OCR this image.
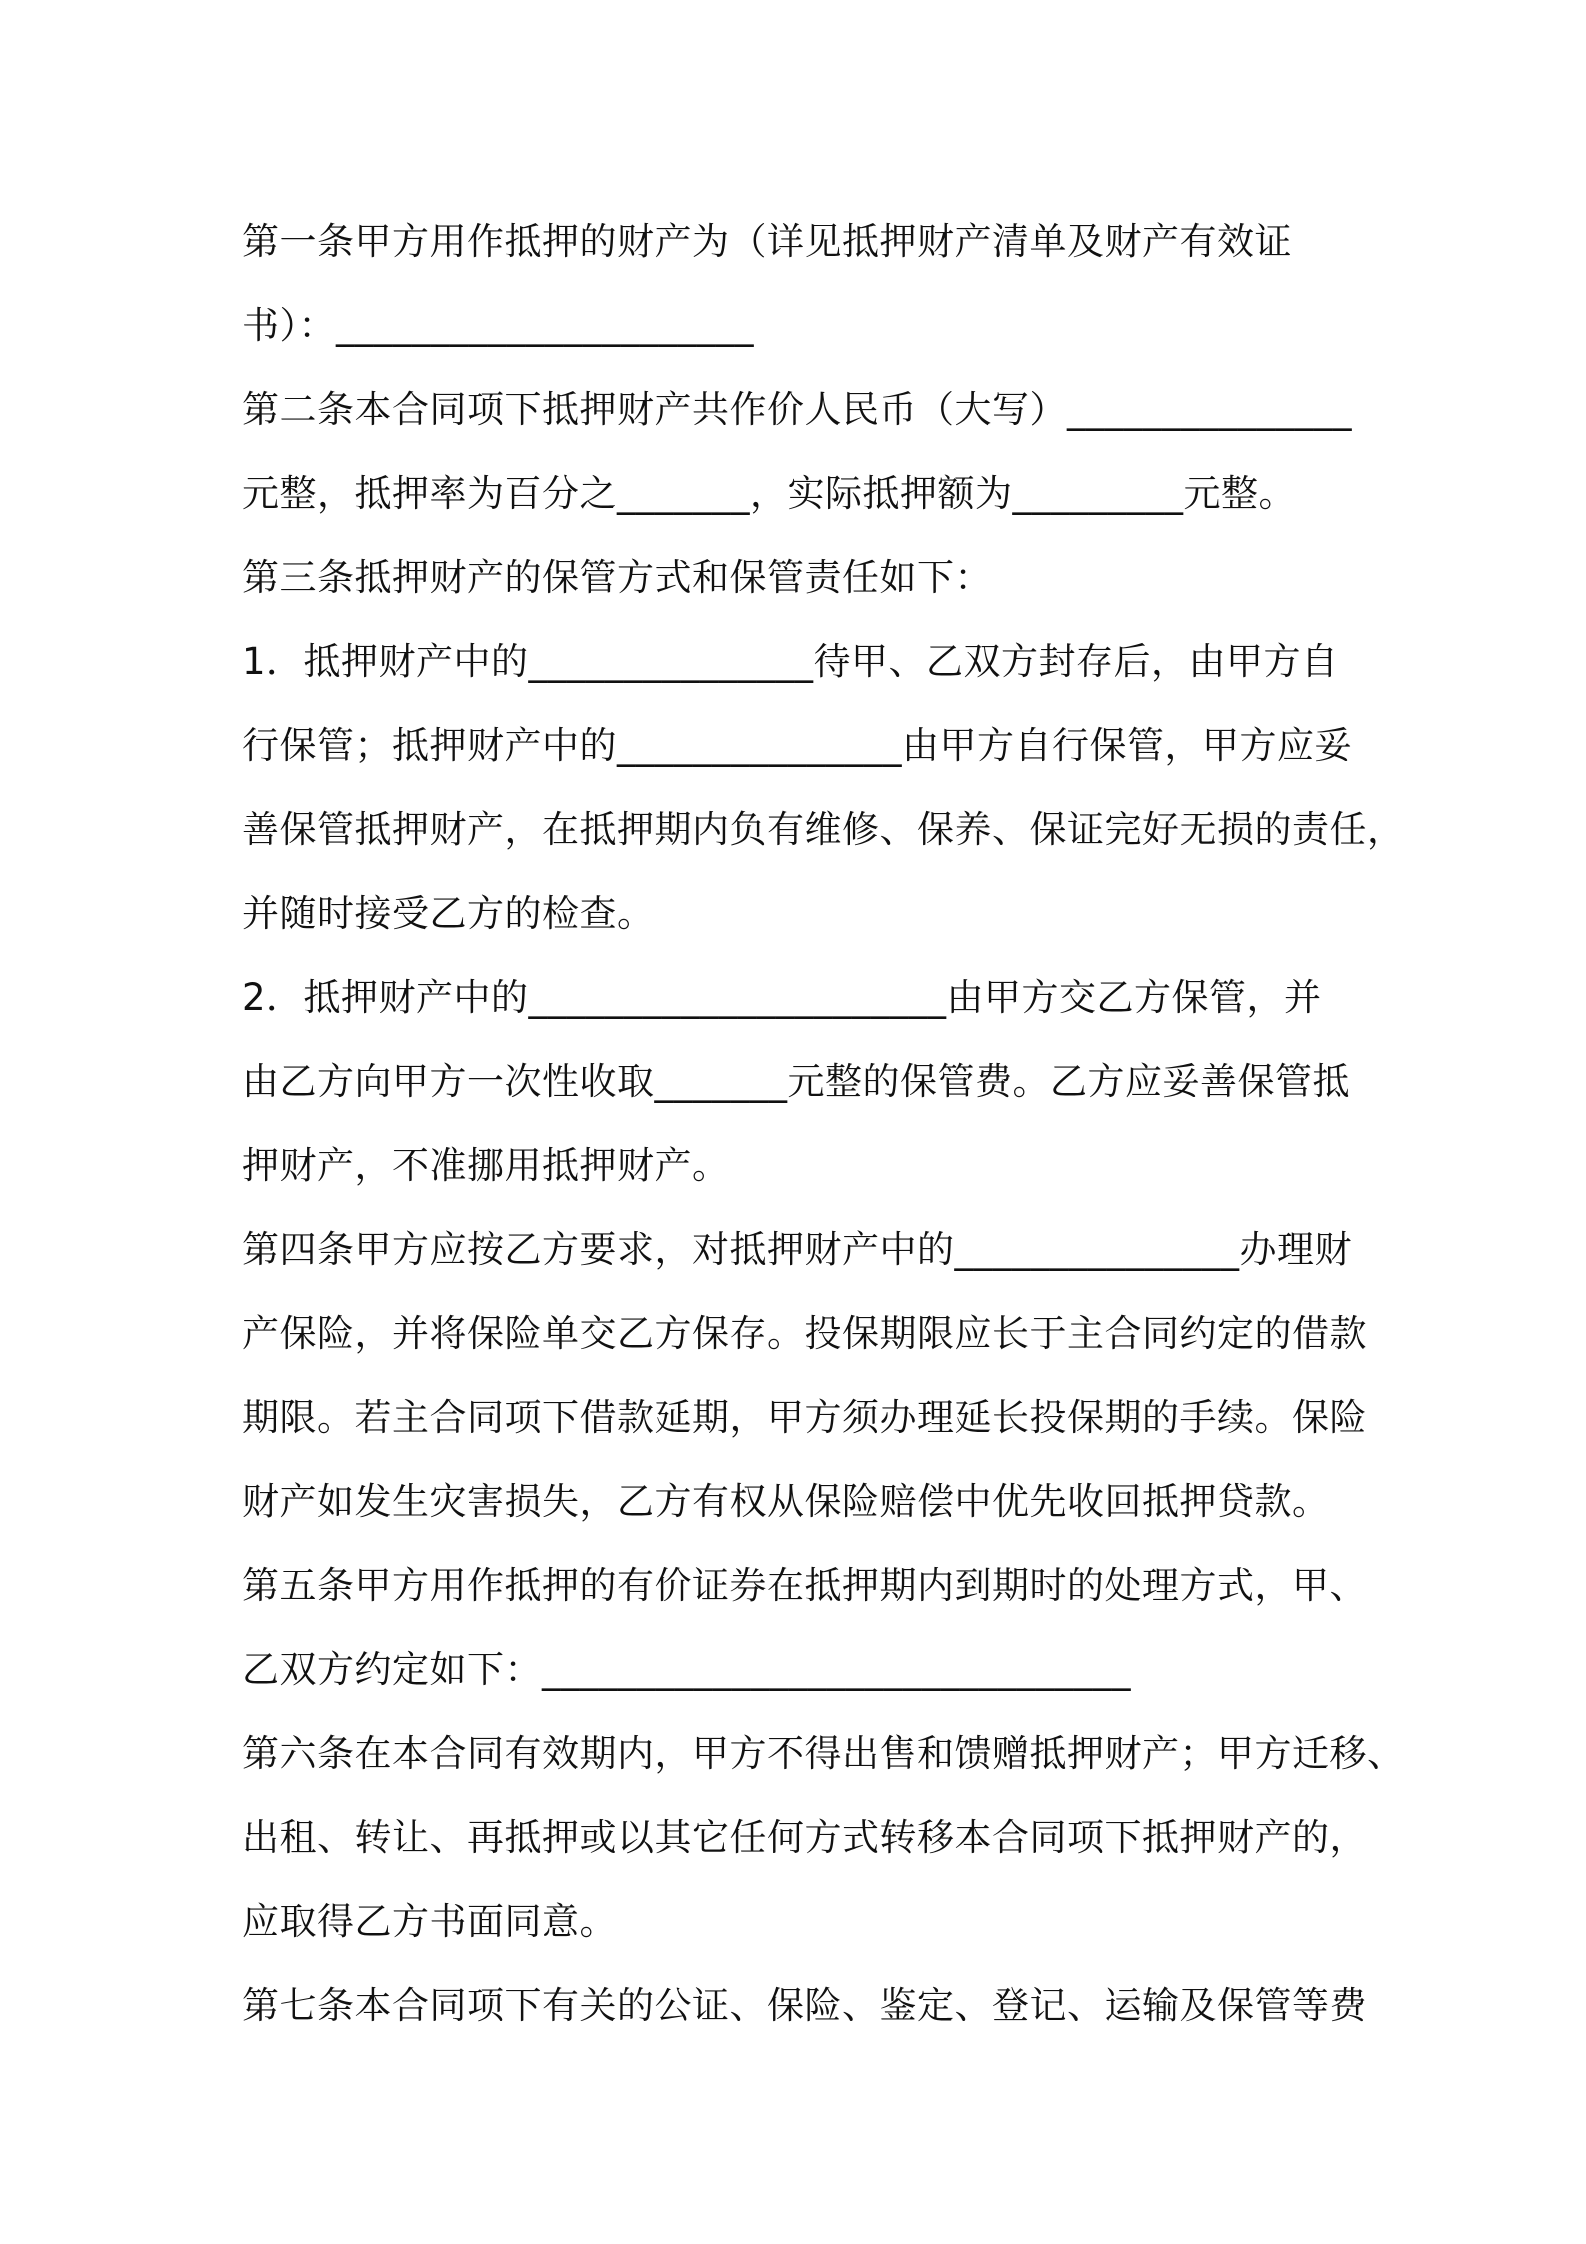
第一条甲方用作抵押的财产为（详见抵押财产清单及财产有效证
书）：______________________
第二条本合同项下抵押财产共作价人民币（大写）_______________
元整，抵押率为百分之_______，实际抵押额为_________元整。
第三条抵押财产的保管方式和保管责任如下：
1．抵押财产中的_______________待甲、乙双方封存后，由甲方自
行保管；抵押财产中的_______________由甲方自行保管，甲方应妥
善保管抵押财产，在抵押期内负有维修、保养、保证完好无损的责任，
并随时接受乙方的检查。
2．抵押财产中的______________________由甲方交乙方保管，并
由乙方向甲方一次性收取_______元整的保管费。乙方应妥善保管抵
押财产，不准挪用抵押财产。
第四条甲方应按乙方要求，对抵押财产中的_______________办理财
产保险，并将保险单交乙方保存。投保期限应长于主合同约定的借款
期限。若主合同项下借款延期，甲方须办理延长投保期的手续。保险
财产如发生灾害损失，乙方有权从保险赔偿中优先收回抵押贷款。
第五条甲方用作抵押的有价证券在抵押期内到期时的处理方式，甲、
乙双方约定如下：_______________________________
第六条在本合同有效期内，甲方不得出售和馈赠抵押财产；甲方迁移、
出租、转让、再抵押或以其它任何方式转移本合同项下抵押财产的，
应取得乙方书面同意。
第七条本合同项下有关的公证、保险、鉴定、登记、运输及保管等费
